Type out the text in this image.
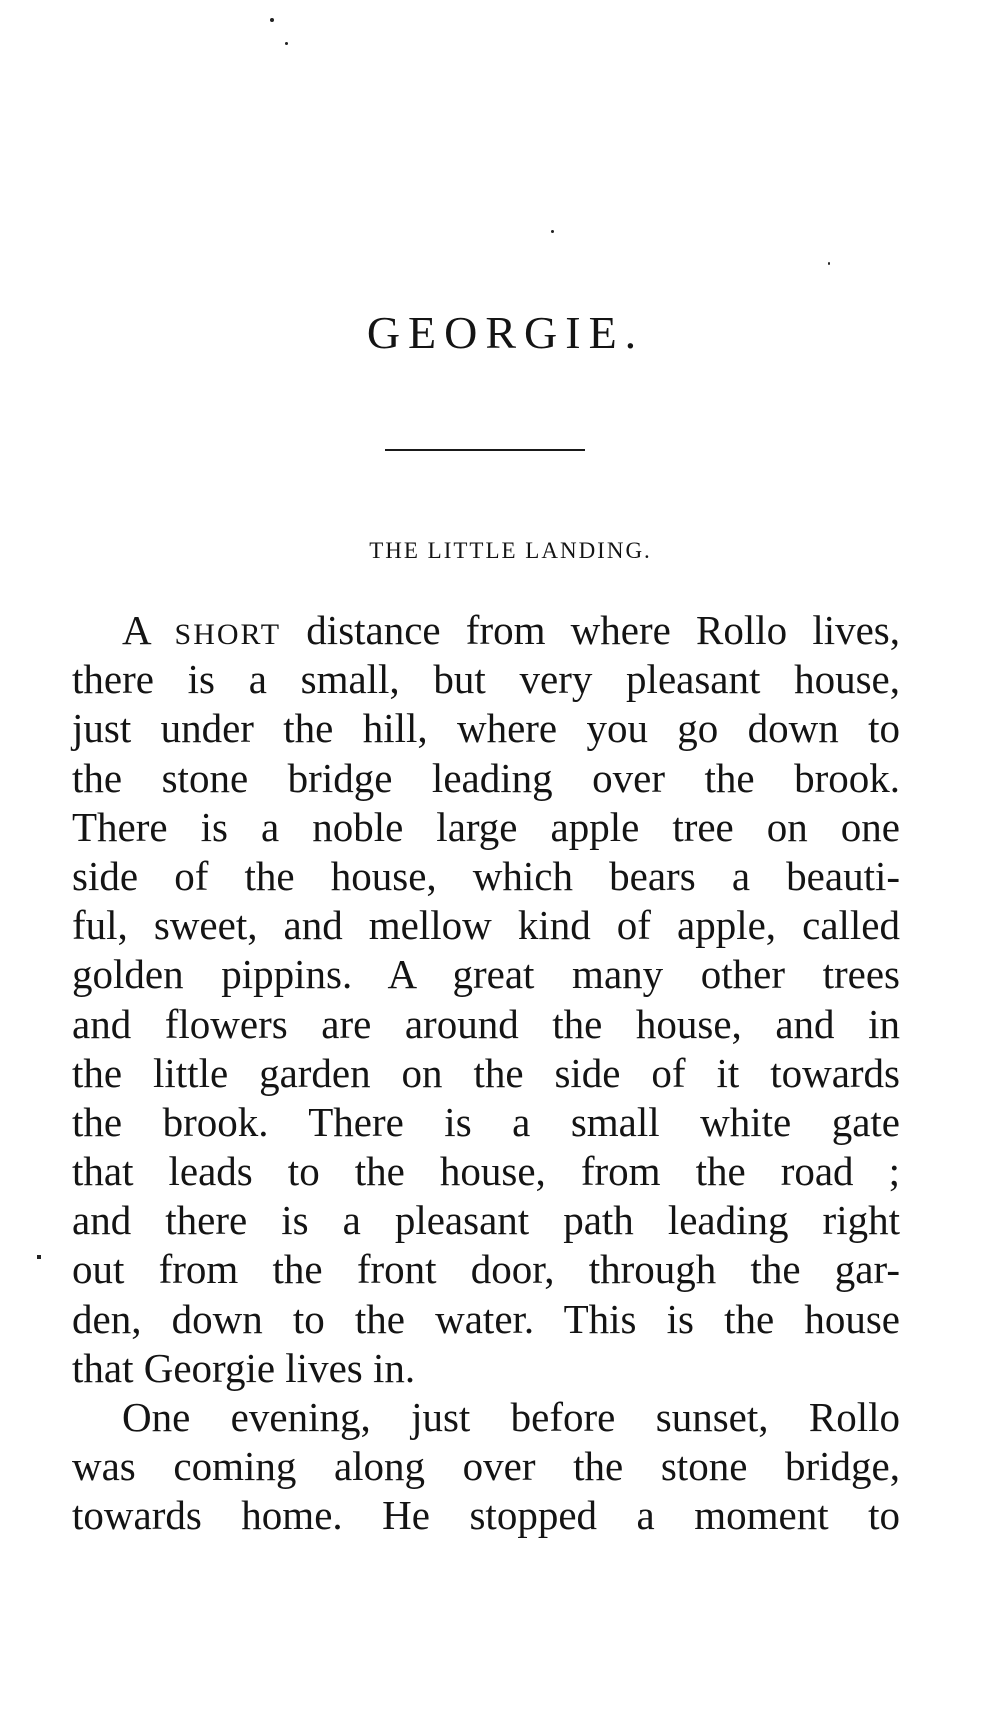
GEORGIE.
THE LITTLE LANDING.
A SHORT distance from where Rollo lives,
there is a small, but very pleasant house,
just under the hill, where you go down to
the stone bridge leading over the brook.
There is a noble large apple tree on one
side of the house, which bears a beauti-
ful, sweet, and mellow kind of apple, called
golden pippins. A great many other trees
and flowers are around the house, and in
the little garden on the side of it towards
the brook. There is a small white gate
that leads to the house, from the road ;
and there is a pleasant path leading right
out from the front door, through the gar-
den, down to the water. This is the house
that Georgie lives in.
One evening, just before sunset, Rollo
was coming along over the stone bridge,
towards home. He stopped a moment to
